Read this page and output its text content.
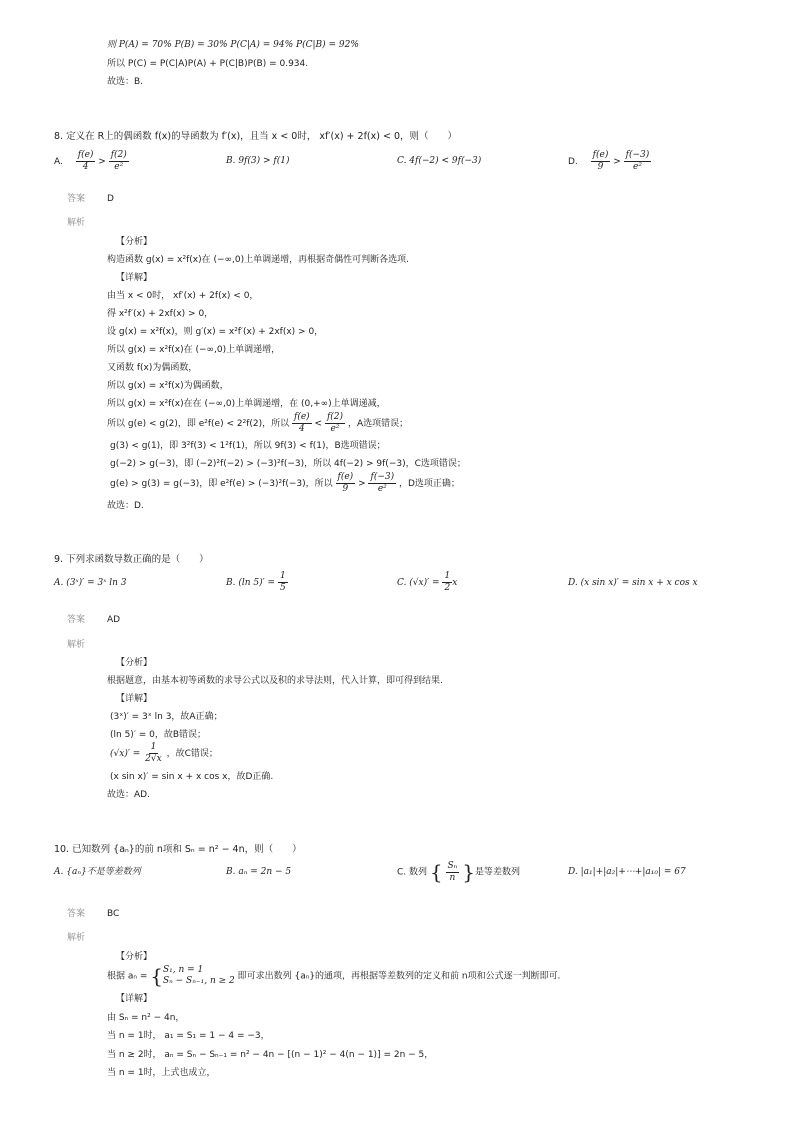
则 P(A) = 70% P(B) = 30% P(C|A) = 94% P(C|B) = 92%
所以 P(C) = P(C|A)P(A) + P(C|B)P(B) = 0.934.
故选：B.
8. 定义在 R上的偶函数 f(x)的导函数为 f′(x)，且当 x < 0时， xf′(x) + 2f(x) < 0，则（　　）
A. $\frac{f(e)}{4} > \frac{f(2)}{\text{e²}}$	B. 9f(3) > f(1)	C. 4f(−2) < 9f(−3)	D. $\frac{f(e)}{9} > \frac{f(-3)}{\text{e²}}$
答案 D
解析
【分析】
构造函数 g(x) = x²f(x)在 (−∞,0)上单调递增，再根据奇偶性可判断各选项.
【详解】
由当 x < 0时， xf′(x) + 2f(x) < 0，
得 x²f′(x) + 2xf(x) > 0，
设 g(x) = x²f(x)，则 g′(x) = x²f′(x) + 2xf(x) > 0，
所以 g(x) = x²f(x)在 (−∞,0)上单调递增，
又函数 f(x)为偶函数，
所以 g(x) = x²f(x)为偶函数，
所以 g(x) = x²f(x)在在 (−∞,0)上单调递增，在 (0,+∞)上单调递减，
所以 g(e) < g(2)，即 e²f(e) < 2²f(2)，所以 $\frac{f(e)}{4} < \frac{f(2)}{\text{e²}}$ ，A选项错误；
g(3) < g(1)，即 3²f(3) < 1²f(1)，所以 9f(3) < f(1)，B选项错误；
g(−2) > g(−3)，即 (−2)²f(−2) > (−3)²f(−3)，所以 4f(−2) > 9f(−3)，C选项错误；
g(e) > g(3) = g(−3)，即 e²f(e) > (−3)²f(−3)，所以 $\frac{f(e)}{9} > \frac{f(-3)}{\text{e²}}$ ，D选项正确；
故选：D.
9. 下列求函数导数正确的是（　　）
A. (3ˣ)′ = 3ˣ ln 3	B. (ln $5)' = \frac{1}{5}$	C. $(√x)' = \frac{1}{2}$ x	D. (x sin x)′ = sin x + x cos x
答案 AD
解析
【分析】
根据题意，由基本初等函数的求导公式以及积的求导法则，代入计算，即可得到结果.
【详解】
(3ˣ)′ = 3ˣ ln 3，故A正确；
(ln 5)′ = 0，故B错误；
$(√x)' = \frac{1}{2√x}$ ，故C错误；
(x sin x)′ = sin x + x cos x，故D正确.
故选：AD.
10. 已知数列 {aₙ}的前 n项和 Sₙ = n² − 4n，则（　　）
A. {aₙ}不是等差数列	B. aₙ = 2n − 5	C. 数列 { $\frac{\text{Sₙ}}{n}$ }是等差数列	D. |a₁|+|a₂|+⋯+|a₁₀| = 67
答案 BC
解析
【分析】
根据 aₙ = { S₁, n = 1
Sₙ − Sₙ₋₁, n ≥ 2 即可求出数列 {aₙ}的通项，再根据等差数列的定义和前 n项和公式逐一判断即可.
【详解】
由 Sₙ = n² − 4n，
当 n = 1时， a₁ = S₁ = 1 − 4 = −3，
当 n ≥ 2时， aₙ = Sₙ − Sₙ₋₁ = n² − 4n − [(n − 1)² − 4(n − 1)] = 2n − 5，
当 n = 1时，上式也成立，
